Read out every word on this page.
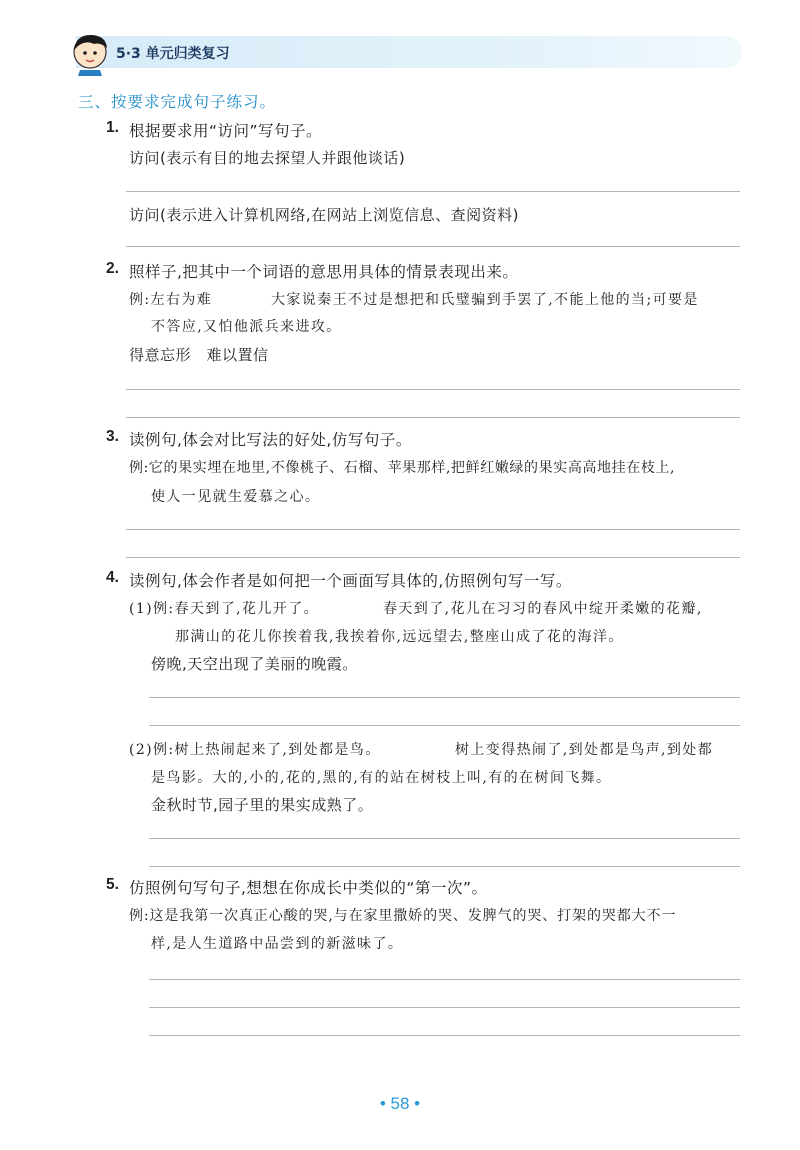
5·3 单元归类复习
三、按要求完成句子练习。
1. 根据要求用“访问”写句子。
访问(表示有目的地去探望人并跟他谈话)
访问(表示进入计算机网络,在网站上浏览信息、查阅资料)
2. 照样子,把其中一个词语的意思用具体的情景表现出来。
例:左右为难	大家说秦王不过是想把和氏璧骗到手罢了,不能上他的当;可要是
不答应,又怕他派兵来进攻。
得意忘形　难以置信
3. 读例句,体会对比写法的好处,仿写句子。
例:它的果实埋在地里,不像桃子、石榴、苹果那样,把鲜红嫩绿的果实高高地挂在枝上,
使人一见就生爱慕之心。
4. 读例句,体会作者是如何把一个画面写具体的,仿照例句写一写。
(1)例:春天到了,花儿开了。	春天到了,花儿在习习的春风中绽开柔嫩的花瓣,
那满山的花儿你挨着我,我挨着你,远远望去,整座山成了花的海洋。
傍晚,天空出现了美丽的晚霞。
(2)例:树上热闹起来了,到处都是鸟。	树上变得热闹了,到处都是鸟声,到处都
是鸟影。大的,小的,花的,黑的,有的站在树枝上叫,有的在树间飞舞。
金秋时节,园子里的果实成熟了。
5. 仿照例句写句子,想想在你成长中类似的“第一次”。
例:这是我第一次真正心酸的哭,与在家里撒娇的哭、发脾气的哭、打架的哭都大不一
样,是人生道路中品尝到的新滋味了。
• 58 •
